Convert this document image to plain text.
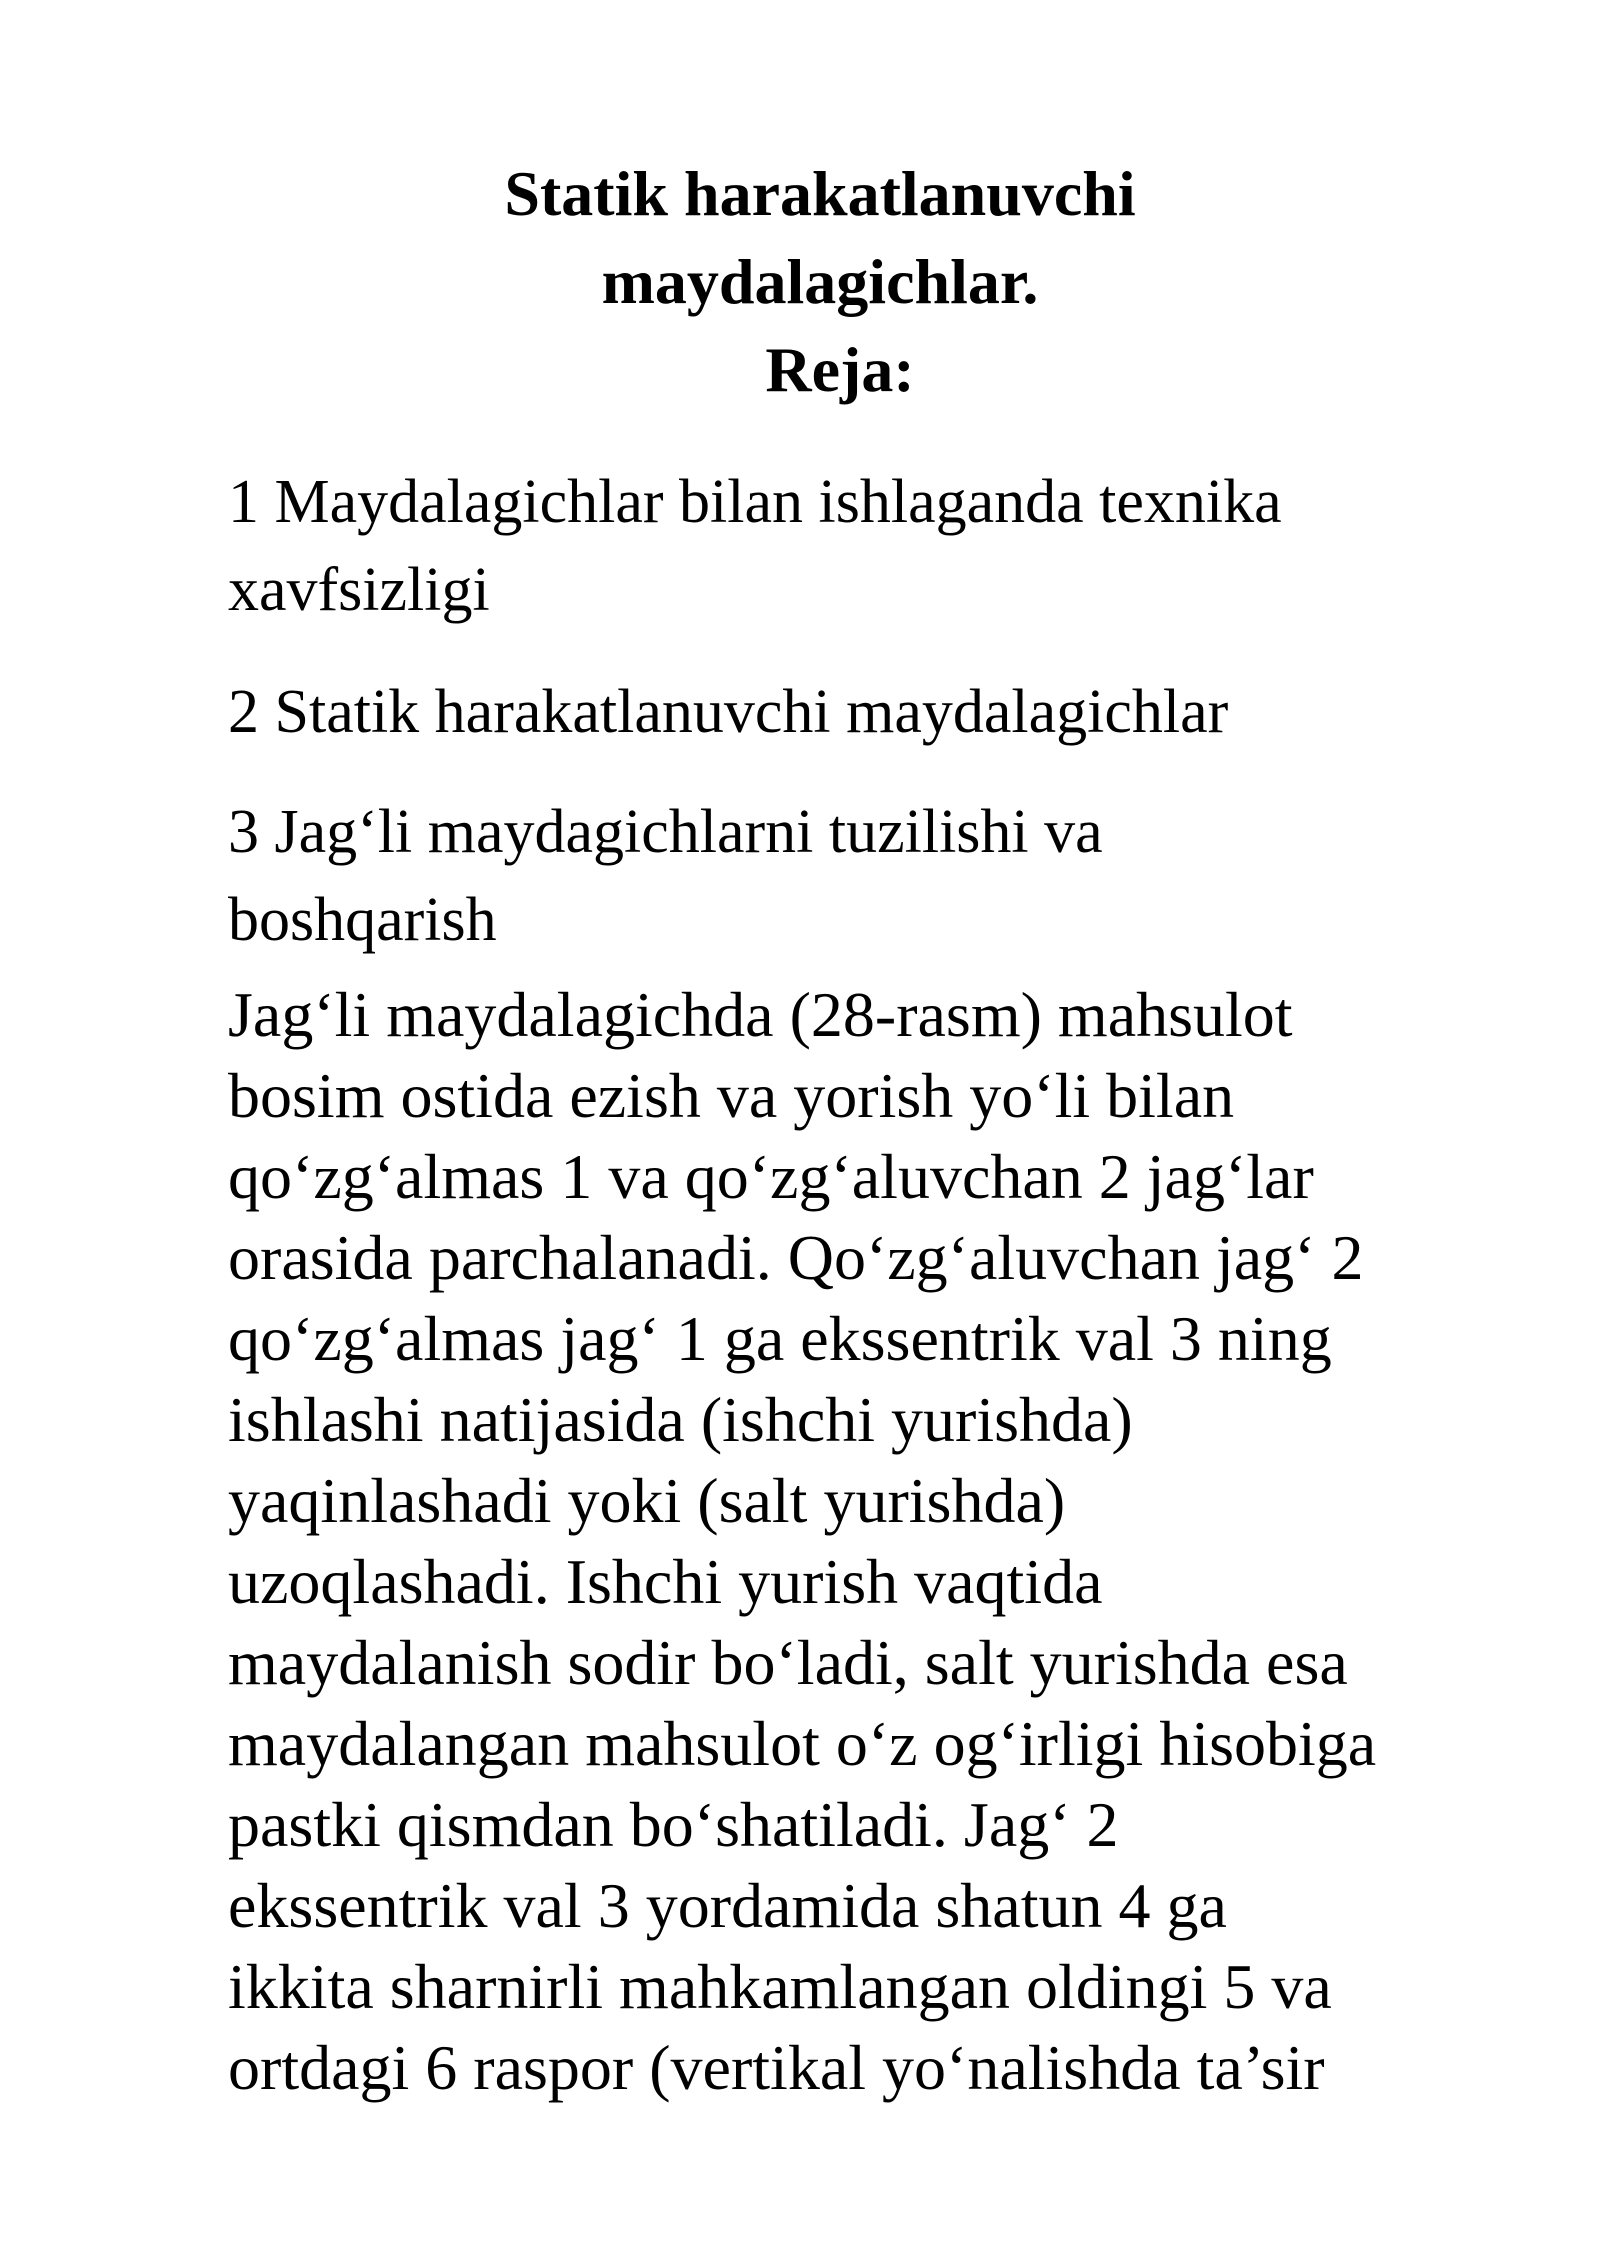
Statik harakatlanuvchi
maydalagichlar.
Reja:
1 Maydalagichlar bilan ishlaganda texnika
xavfsizligi
2 Statik harakatlanuvchi maydalagichlar
3 Jag‘li maydagichlarni tuzilishi va
boshqarish
Jag‘li maydalagichda (28-rasm) mahsulot
bosim ostida ezish va yorish yo‘li bilan
qo‘zg‘almas 1 va qo‘zg‘aluvchan 2 jag‘lar
orasida parchalanadi. Qo‘zg‘aluvchan jag‘ 2
qo‘zg‘almas jag‘ 1 ga ekssentrik val 3 ning
ishlashi natijasida (ishchi yurishda)
yaqinlashadi yoki (salt yurishda)
uzoqlashadi. Ishchi yurish vaqtida
maydalanish sodir bo‘ladi, salt yurishda esa
maydalangan mahsulot o‘z og‘irligi hisobiga
pastki qismdan bo‘shatiladi. Jag‘ 2
ekssentrik val 3 yordamida shatun 4 ga
ikkita sharnirli mahkamlangan oldingi 5 va
ortdagi 6 raspor (vertikal yo‘nalishda ta’sir
